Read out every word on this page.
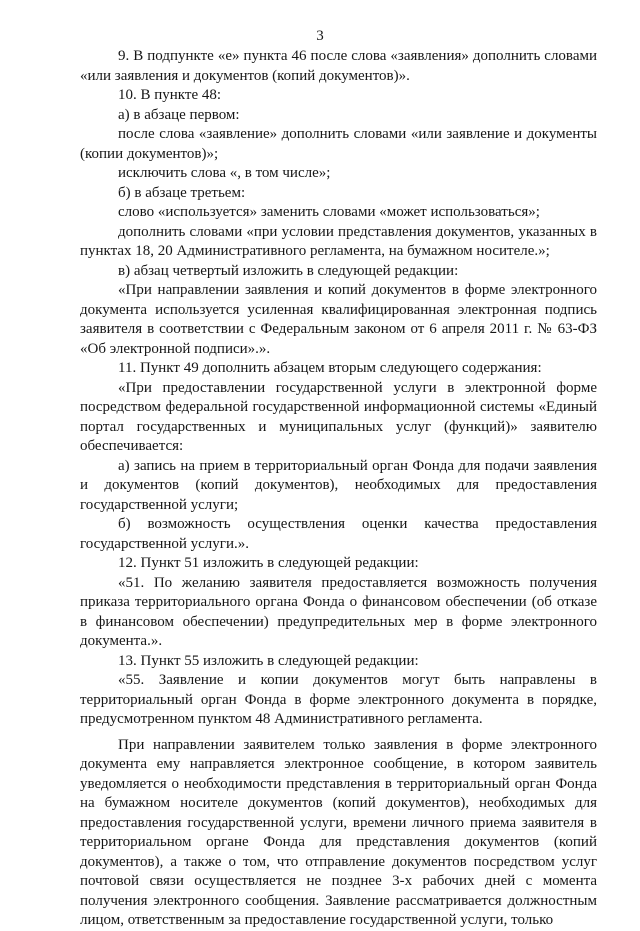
3

9. В подпункте «е» пункта 46 после слова «заявления» дополнить словами «или заявления и документов (копий документов)».

10. В пункте 48:

а) в абзаце первом:

после слова «заявление» дополнить словами «или заявление и документы (копии документов)»;

исключить слова «, в том числе»;

б) в абзаце третьем:

слово «используется» заменить словами «может использоваться»;

дополнить словами «при условии представления документов, указанных в пунктах 18, 20 Административного регламента, на бумажном носителе.»;

в) абзац четвертый изложить в следующей редакции:

«При направлении заявления и копий документов в форме электронного документа используется усиленная квалифицированная электронная подпись заявителя в соответствии с Федеральным законом от 6 апреля 2011 г. № 63-ФЗ «Об электронной подписи».».

11. Пункт 49 дополнить абзацем вторым следующего содержания:

«При предоставлении государственной услуги в электронной форме посредством федеральной государственной информационной системы «Единый портал государственных и муниципальных услуг (функций)» заявителю обеспечивается:

а) запись на прием в территориальный орган Фонда для подачи заявления и документов (копий документов), необходимых для предоставления государственной услуги;

б) возможность осуществления оценки качества предоставления государственной услуги.».

12. Пункт 51 изложить в следующей редакции:

«51. По желанию заявителя предоставляется возможность получения приказа территориального органа Фонда о финансовом обеспечении (об отказе в финансовом обеспечении) предупредительных мер в форме электронного документа.».

13. Пункт 55 изложить в следующей редакции:

«55. Заявление и копии документов могут быть направлены в территориальный орган Фонда в форме электронного документа в порядке, предусмотренном пунктом 48 Административного регламента.

При направлении заявителем только заявления в форме электронного документа ему направляется электронное сообщение, в котором заявитель уведомляется о необходимости представления в территориальный орган Фонда на бумажном носителе документов (копий документов), необходимых для предоставления государственной услуги, времени личного приема заявителя в территориальном органе Фонда для представления документов (копий документов), а также о том, что отправление документов посредством услуг почтовой связи осуществляется не позднее 3-х рабочих дней с момента получения электронного сообщения. Заявление рассматривается должностным лицом, ответственным за предоставление государственной услуги, только
